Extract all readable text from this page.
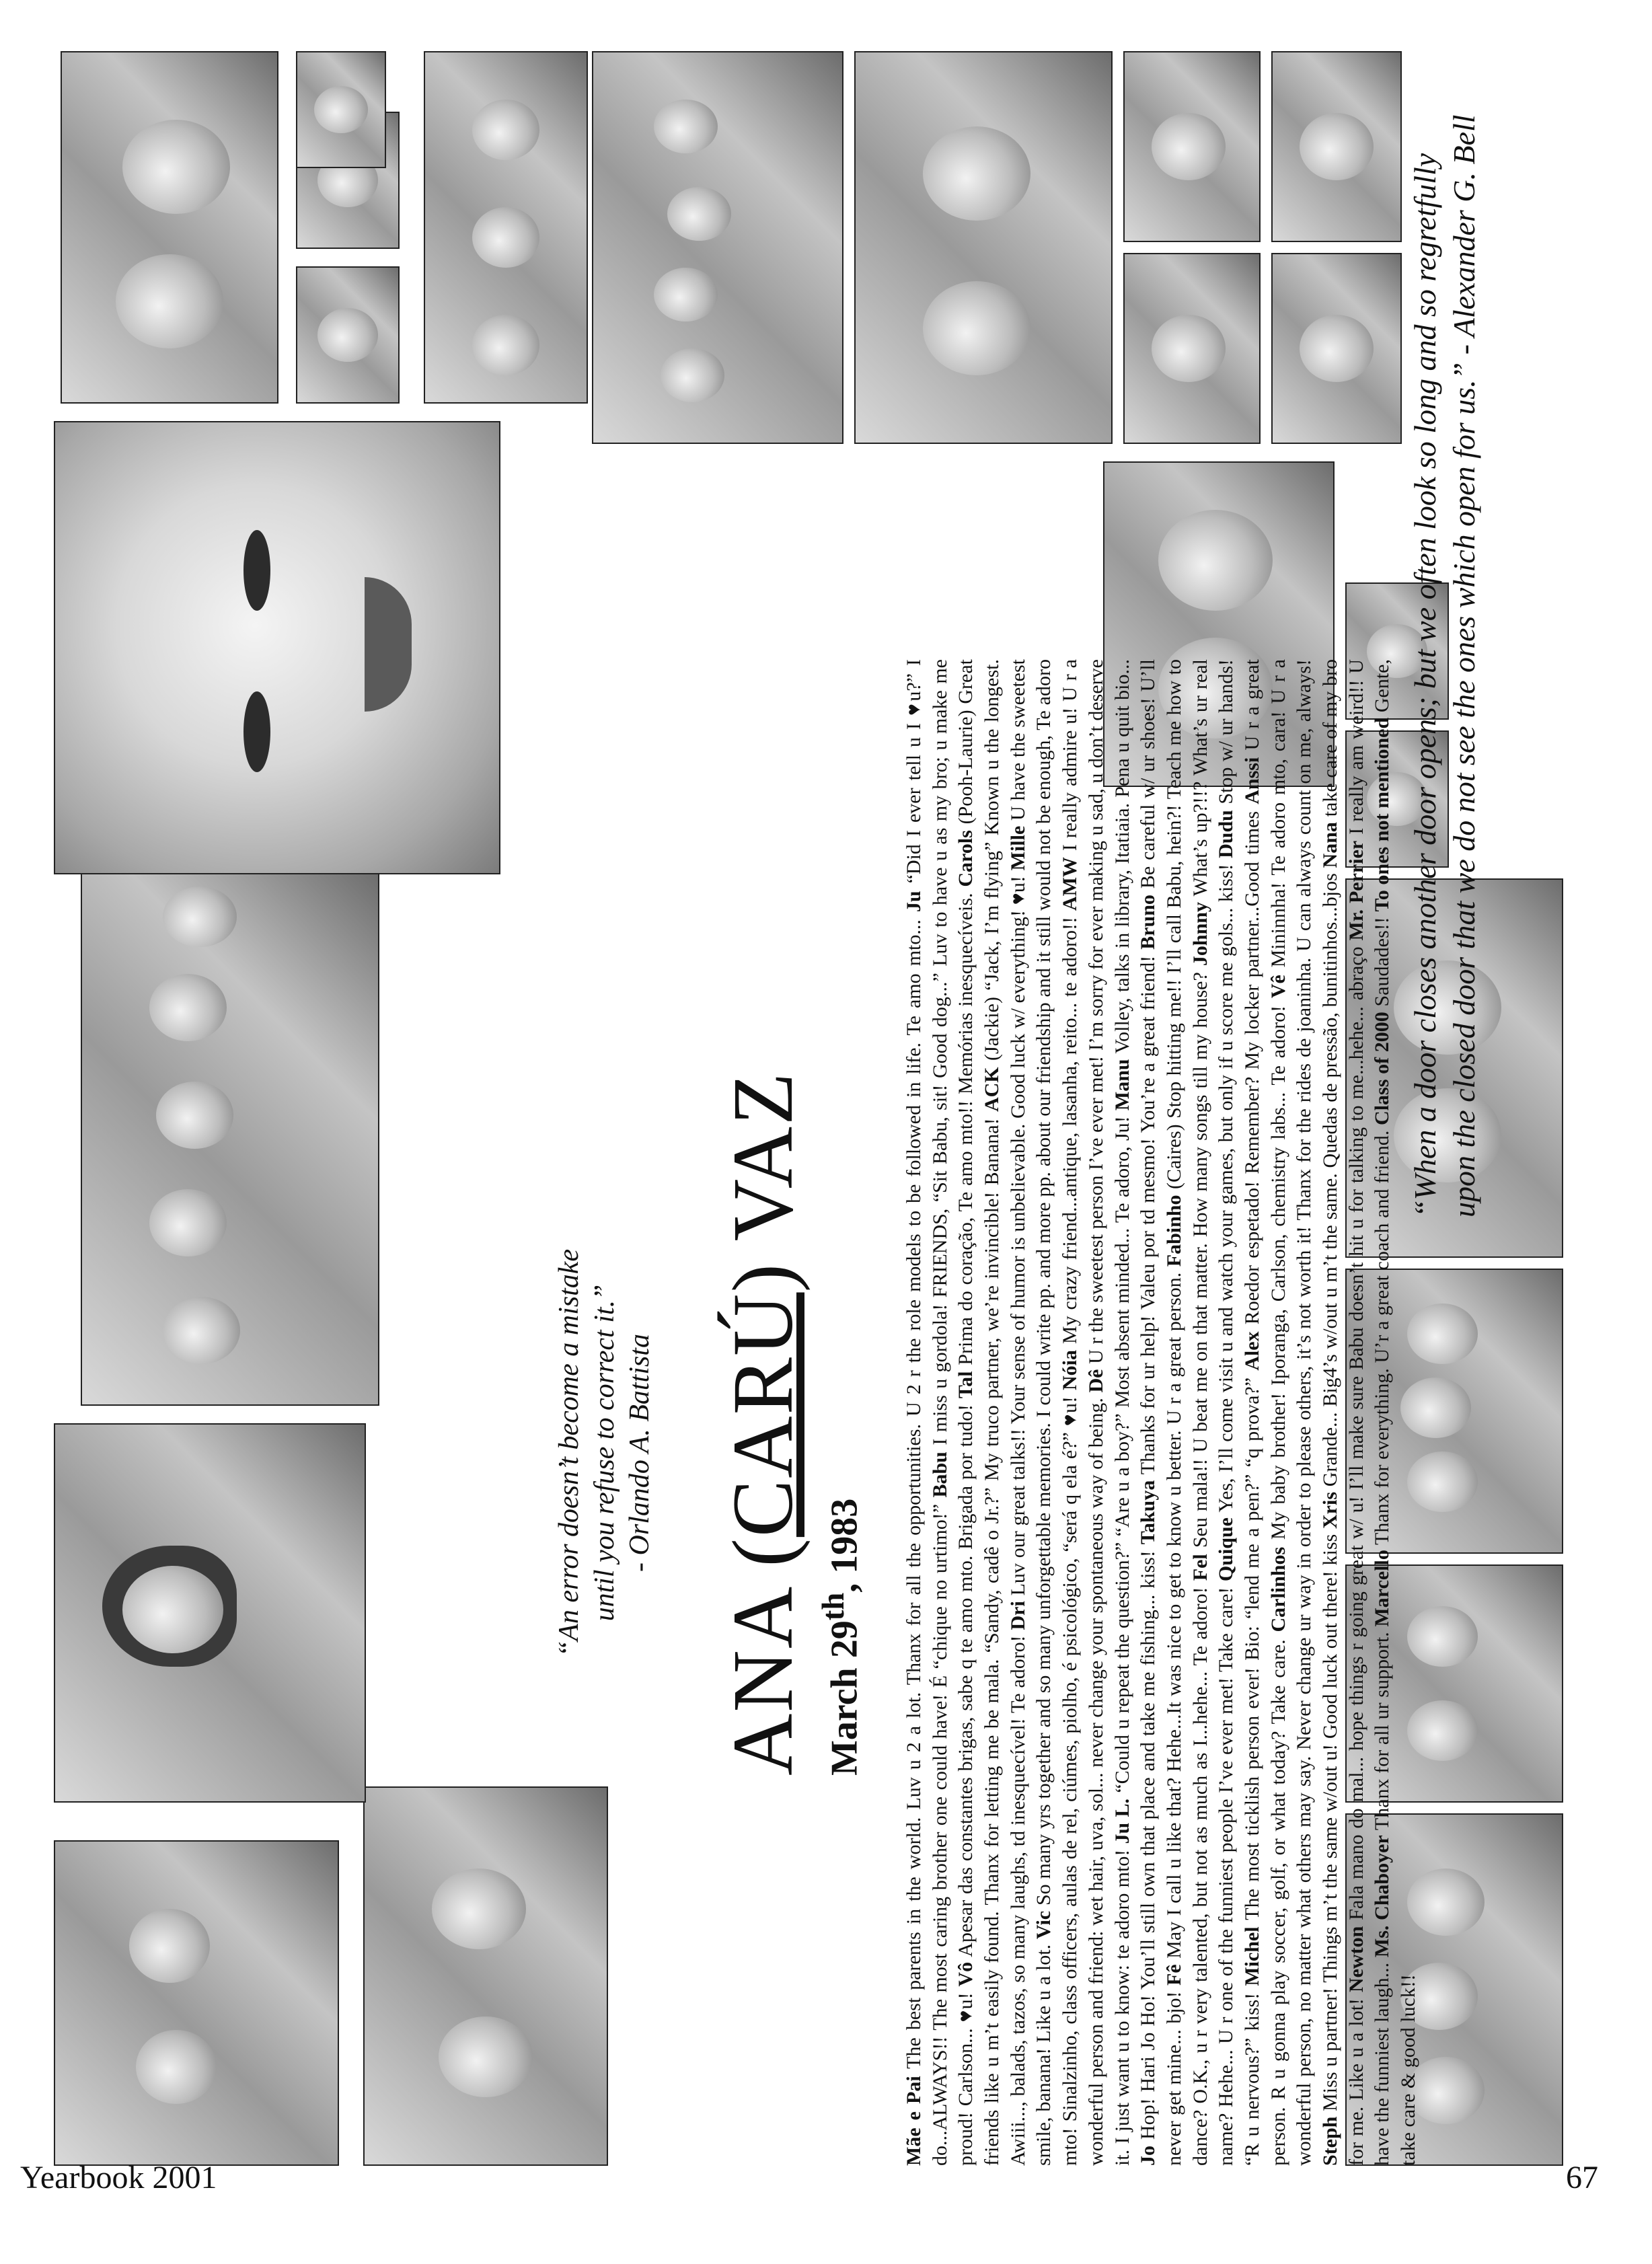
“An error doesn’t become a mistake until you refuse to correct it.” - Orlando A. Battista
ANA (CARÚ) VAZ
March 29th, 1983
Mãe e Pai The best parents in the world. Luv u 2 a lot. Thanx for all the opportunities. U 2 r the role models to be followed in life. Te amo mto... Ju “Did I ever tell u I ♥u?” I do...ALWAYS!! The most caring brother one could have! É “chique no urtimo!” Babu I miss u gordola! FRIENDS, “Sit Babu, sit! Good dog...” Luv to have u as my bro; u make me proud! Carlson... ♥u! Vô Apesar das constantes brigas, sabe q te amo mto. Brigada por tudo! Tal Prima do coração, Te amo mto!! Memórias inesquecíveis. Carols (Pooh-Laurie) Great friends like u m’t easily found. Thanx for letting me be mala. “Sandy, cadê o Jr.?” My truco partner, we’re invincible! Banana! ACK (Jackie) “Jack, I’m flying” Known u the longest. Awiii..., balads, tazos, so many laughs, td inesquecível! Te adoro! Dri Luv our great talks!! Your sense of humor is unbelievable. Good luck w/ everything! ♥u! Mille U have the sweetest smile, banana! Like u a lot. Vic So many yrs together and so many unforgettable memories. I could write pp. and more pp. about our friendship and it still would not be enough, Te adoro mto! Sinalzinho, class officers, aulas de rel, ciúmes, piolho, é psicológico, “será q ela é?” ♥u! Nóia My crazy friend...antique, lasanha, reito... te adoro!! AMW I really admire u! U r a wonderful person and friend: wet hair, uva, sol... never change your spontaneous way of being. Dê U r the sweetest person I’ve ever met! I’m sorry for ever making u sad, u don’t deserve it. I just want u to know: te adoro mto! Ju L. “Could u repeat the question?” “Are u a boy?” Most absent minded... Te adoro, Ju! Manu Volley, talks in library, Itatiaia. Pena u quit bio... Jo Hop! Hari Jo Ho! You’ll still own that place and take me fishing... kiss! Takuya Thanks for ur help! Valeu por td mesmo! You’re a great friend! Bruno Be careful w/ ur shoes! U’ll never get mine... bjo! Fê May I call u like that? Hehe...It was nice to get to know u better. U r a great person. Fabinho (Caires) Stop hitting me!! I’ll call Babu, hein?! Teach me how to dance? O.K., u r very talented, but not as much as I...hehe... Te adoro! Fel Seu mala!! U beat me on that matter. How many songs till my house? Johnny What’s up?!!? What’s ur real name? Hehe... U r one of the funniest people I’ve ever met! Take care! Quique Yes, I’ll come visit u and watch your games, but only if u score me gols... kiss! Dudu Stop w/ ur hands! “R u nervous?” kiss! Michel The most ticklish person ever! Bio: “lend me a pen?” “q prova?” Alex Roedor espetado! Remember? My locker partner...Good times Anssi U r a great person. R u gonna play soccer, golf, or what today? Take care. Carlinhos My baby brother! Iporanga, Carlson, chemistry labs... Te adoro! Vê Mininnha! Te adoro mto, cara! U r a wonderful person, no matter what others may say. Never change ur way in order to please others, it’s not worth it! Thanx for the rides de joaninha. U can always count on me, always! Steph Miss u partner! Things m’t the same w/out u! Good luck out there! kiss Xris Grande... Big4’s w/out u m’t the same. Quedas de pressão, bunitinhos...bjos Nana take care of my bro for me. Like u a lot! Newton Fala mano do mal... hope things r going great w/ u! I’ll make sure Babu doesn’t hit u for talking to me...hehe... abraço Mr. Perrier I really am weird!! U have the funniest laugh... Ms. Chaboyer Thanx for all ur support. Marcello Thanx for everything. U’r a great coach and friend. Class of 2000 Saudades!! To ones not mentioned Gente, take care & good luck!!
“When a door closes another door opens; but we often look so long and so regretfully upon the closed door that we do not see the ones which open for us.” - Alexander G. Bell
Yearbook 2001	67
